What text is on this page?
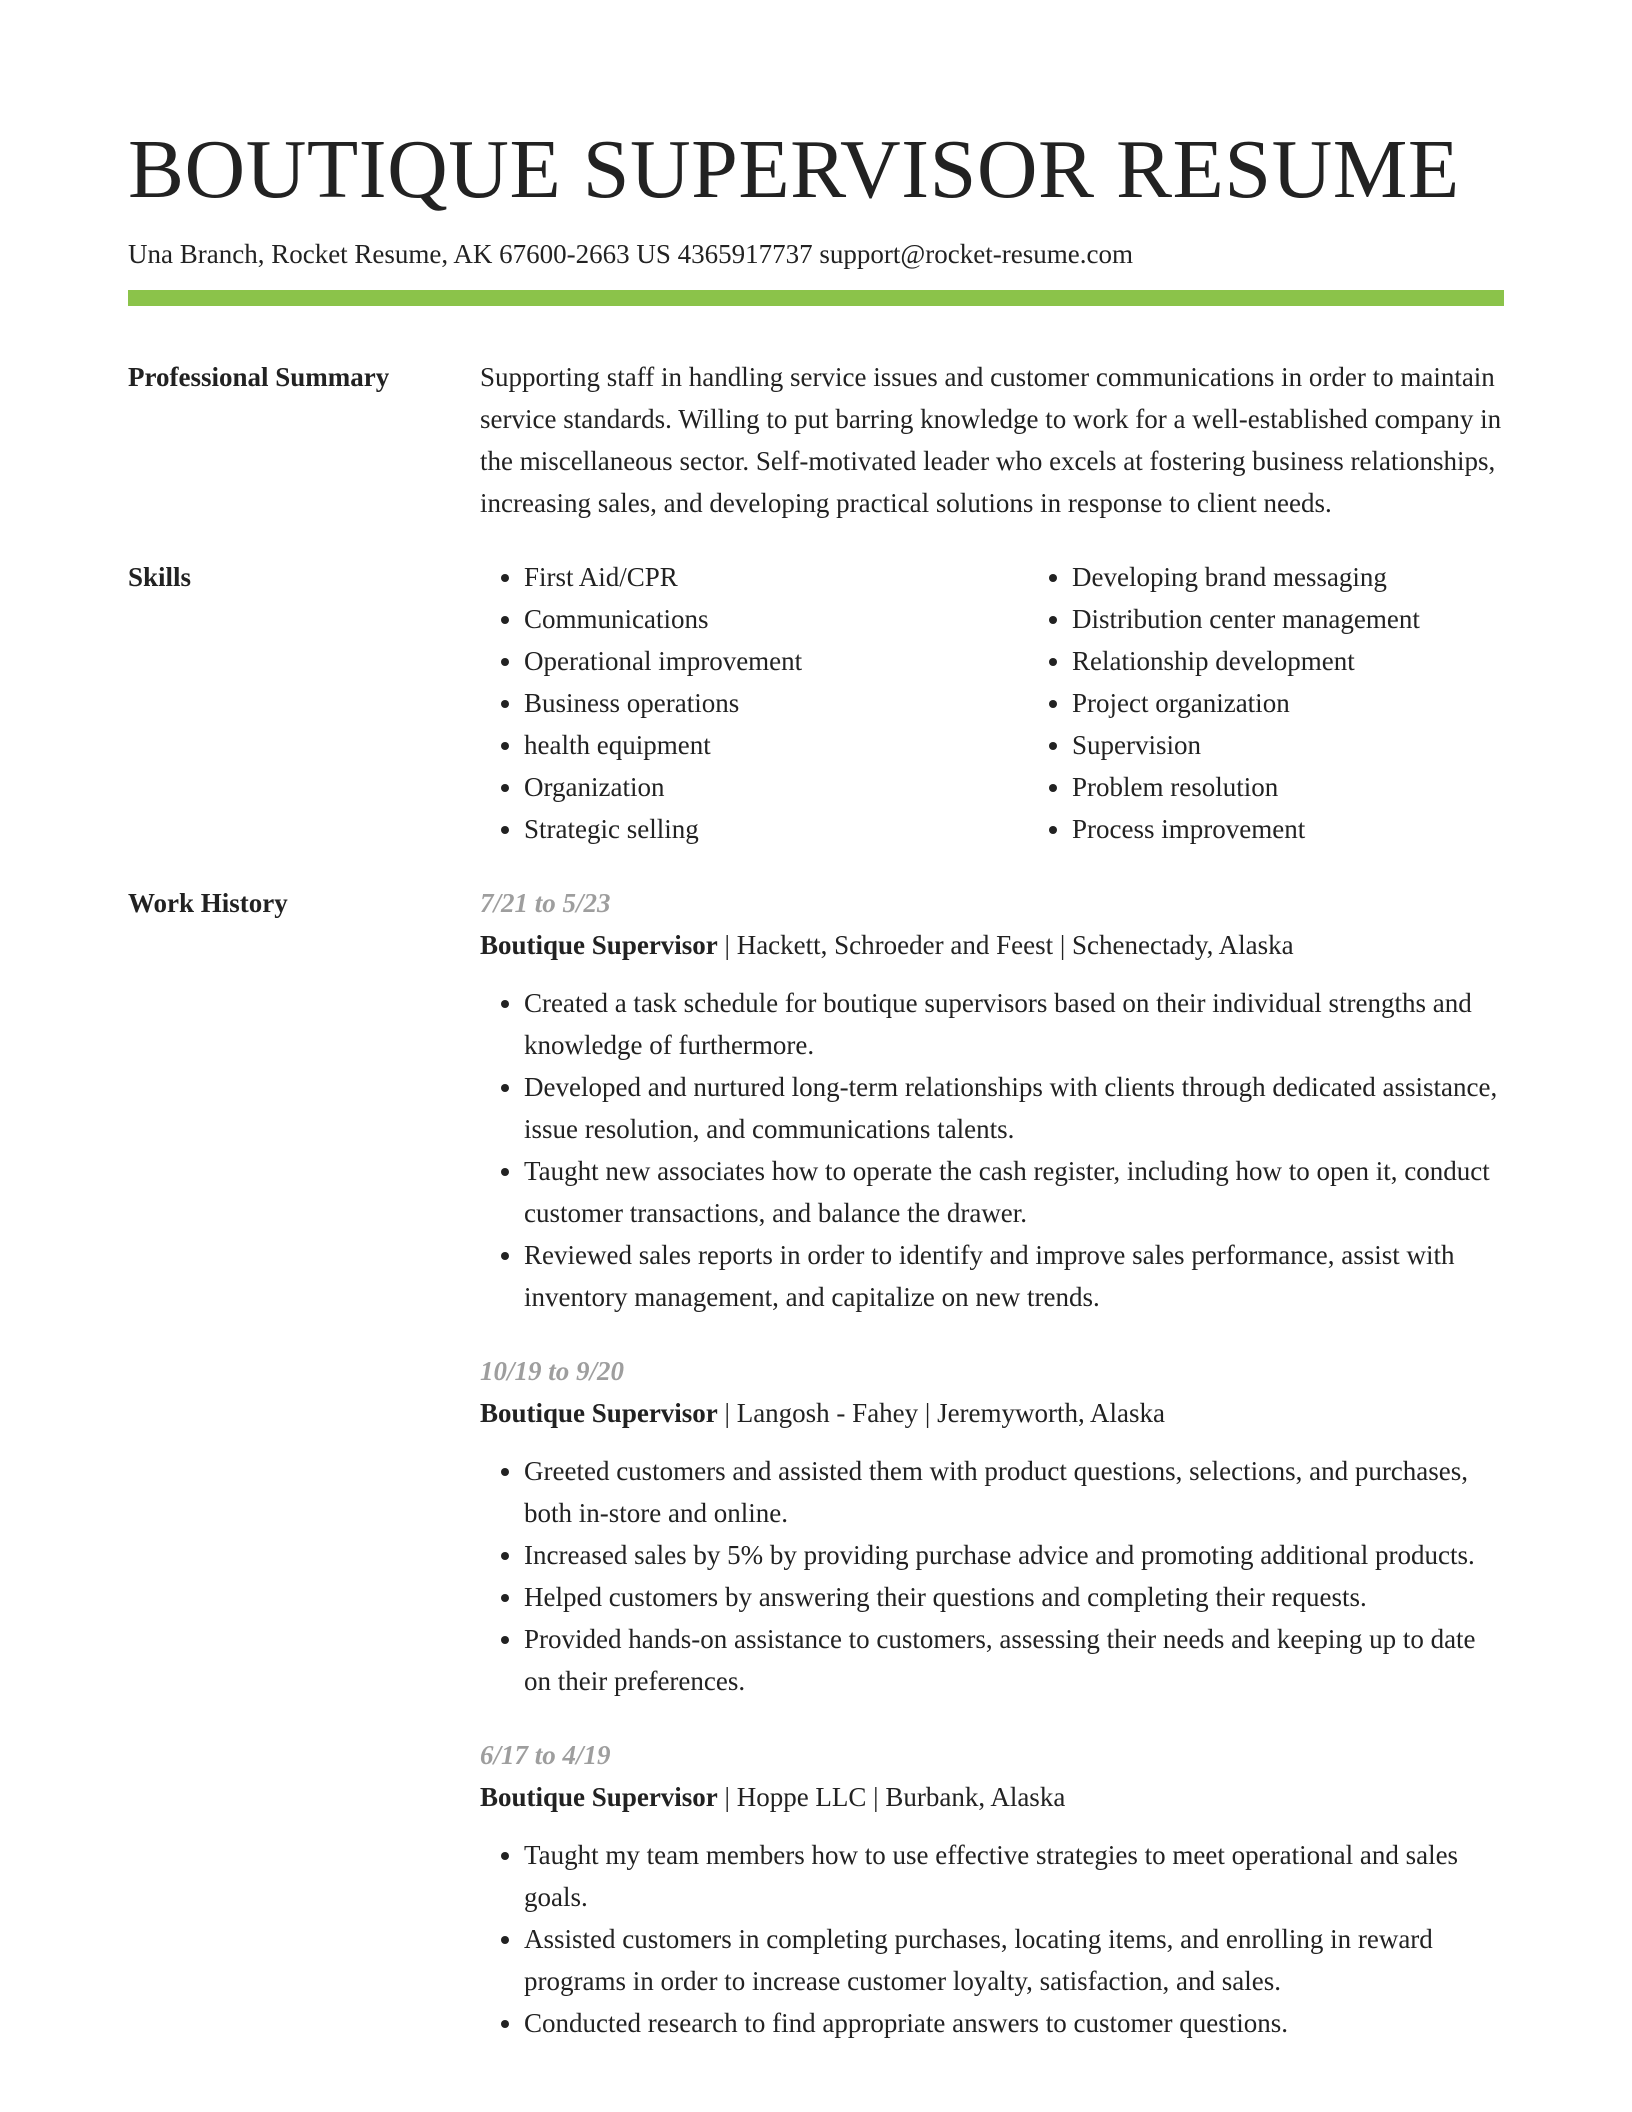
BOUTIQUE SUPERVISOR RESUME
Una Branch, Rocket Resume, AK 67600-2663 US 4365917737 support@rocket-resume.com
Professional Summary	Supporting staff in handling service issues and customer communications in order to maintain service standards. Willing to put barring knowledge to work for a well-established company in the miscellaneous sector. Self-motivated leader who excels at fostering business relationships, increasing sales, and developing practical solutions in response to client needs.

Skills
•	First Aid/CPR
• Communications
• Operational improvement
• Business operations
• health equipment
• Organization
• Strategic selling
• Developing brand messaging
• Distribution center management
• Relationship development
• Project organization
• Supervision
• Problem resolution
• Process improvement
Work History	7/21 to 5/23
Boutique Supervisor | Hackett, Schroeder and Feest | Schenectady, Alaska
• Created a task schedule for boutique supervisors based on their individual strengths and knowledge of furthermore.
• Developed and nurtured long-term relationships with clients through dedicated assistance, issue resolution, and communications talents.
• Taught new associates how to operate the cash register, including how to open it, conduct customer transactions, and balance the drawer.
• Reviewed sales reports in order to identify and improve sales performance, assist with inventory management, and capitalize on new trends.
10/19 to 9/20
Boutique Supervisor | Langosh - Fahey | Jeremyworth, Alaska
• Greeted customers and assisted them with product questions, selections, and purchases, both in-store and online.
• Increased sales by 5% by providing purchase advice and promoting additional products.
• Helped customers by answering their questions and completing their requests.
• Provided hands-on assistance to customers, assessing their needs and keeping up to date on their preferences.
6/17 to 4/19
Boutique Supervisor | Hoppe LLC | Burbank, Alaska
• Taught my team members how to use effective strategies to meet operational and sales goals.
• Assisted customers in completing purchases, locating items, and enrolling in reward programs in order to increase customer loyalty, satisfaction, and sales.
• Conducted research to find appropriate answers to customer questions.
